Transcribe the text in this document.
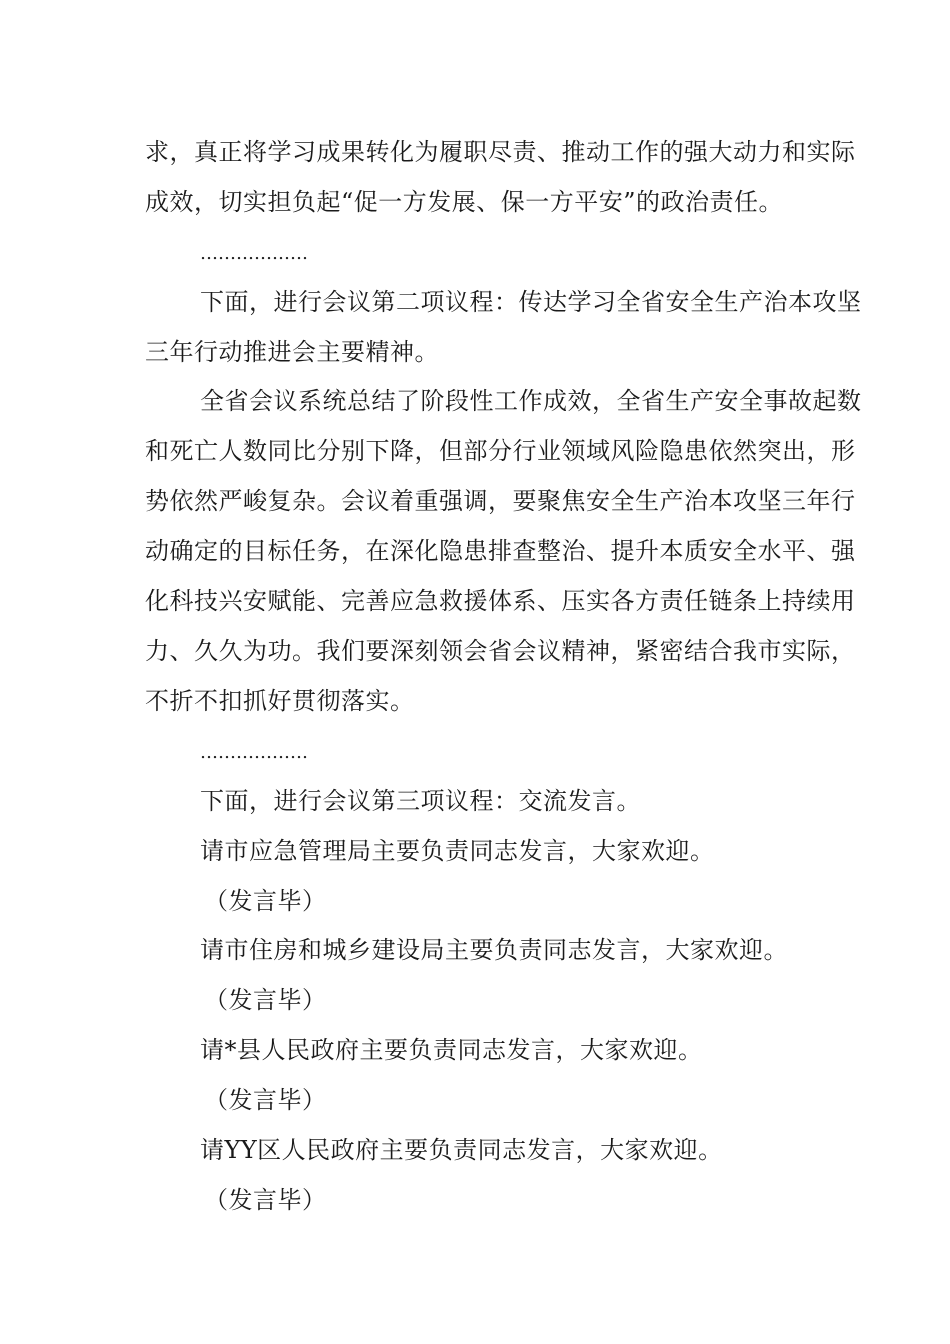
求，真正将学习成果转化为履职尽责、推动工作的强大动力和实际
成效，切实担负起“促一方发展、保一方平安”的政治责任。
………………
下面，进行会议第二项议程：传达学习全省安全生产治本攻坚
三年行动推进会主要精神。
全省会议系统总结了阶段性工作成效，全省生产安全事故起数
和死亡人数同比分别下降，但部分行业领域风险隐患依然突出，形
势依然严峻复杂。会议着重强调，要聚焦安全生产治本攻坚三年行
动确定的目标任务，在深化隐患排查整治、提升本质安全水平、强
化科技兴安赋能、完善应急救援体系、压实各方责任链条上持续用
力、久久为功。我们要深刻领会省会议精神，紧密结合我市实际，
不折不扣抓好贯彻落实。
………………
下面，进行会议第三项议程：交流发言。
请市应急管理局主要负责同志发言，大家欢迎。
（发言毕）
请市住房和城乡建设局主要负责同志发言，大家欢迎。
（发言毕）
请*县人民政府主要负责同志发言，大家欢迎。
（发言毕）
请YY区人民政府主要负责同志发言，大家欢迎。
（发言毕）
